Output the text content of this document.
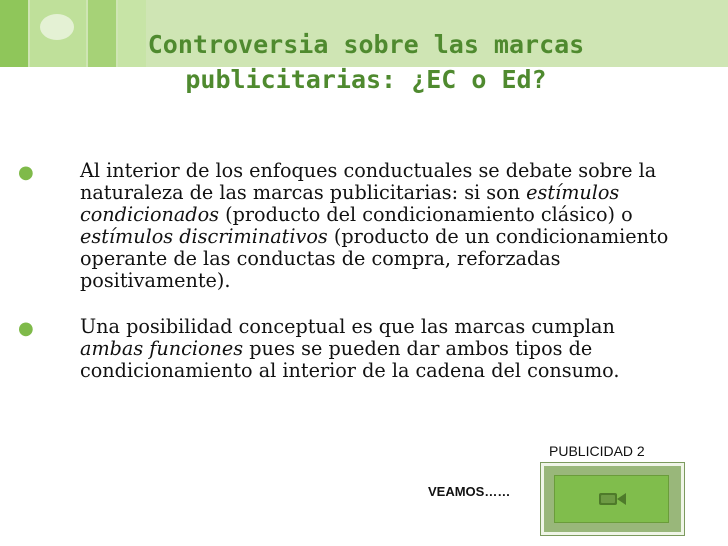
Controversia sobre las marcas publicitarias: ¿EC o Ed?
● Al interior de los enfoques conductuales se debate sobre la naturaleza de las marcas publicitarias: si son estímulos condicionados (producto del condicionamiento clásico) o estímulos discriminativos (producto de un condicionamiento operante de las conductas de compra, reforzadas positivamente).
● Una posibilidad conceptual es que las marcas cumplan ambas funciones pues se pueden dar ambos tipos de condicionamiento al interior de la cadena del consumo.
PUBLICIDAD 2
VEAMOS……
